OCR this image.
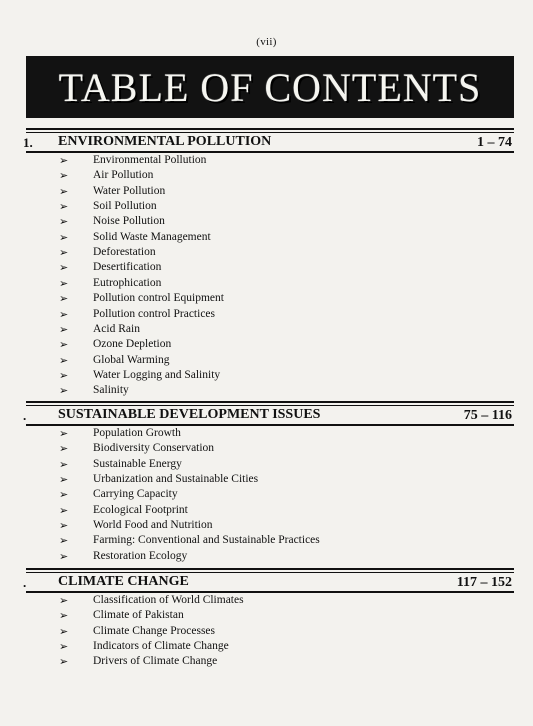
(vii)
TABLE OF CONTENTS
1. ENVIRONMENTAL POLLUTION	1 – 74
➢ Environmental Pollution
➢ Air Pollution
➢ Water Pollution
➢ Soil Pollution
➢ Noise Pollution
➢ Solid Waste Management
➢ Deforestation
➢ Desertification
➢ Eutrophication
➢ Pollution control Equipment
➢ Pollution control Practices
➢ Acid Rain
➢ Ozone Depletion
➢ Global Warming
➢ Water Logging and Salinity
➢ Salinity
. SUSTAINABLE DEVELOPMENT ISSUES	75 – 116
➢ Population Growth
➢ Biodiversity Conservation
➢ Sustainable Energy
➢ Urbanization and Sustainable Cities
➢ Carrying Capacity
➢ Ecological Footprint
➢ World Food and Nutrition
➢ Farming: Conventional and Sustainable Practices
➢ Restoration Ecology
. CLIMATE CHANGE	117 – 152
➢ Classification of World Climates
➢ Climate of Pakistan
➢ Climate Change Processes
➢ Indicators of Climate Change
➢ Drivers of Climate Change
